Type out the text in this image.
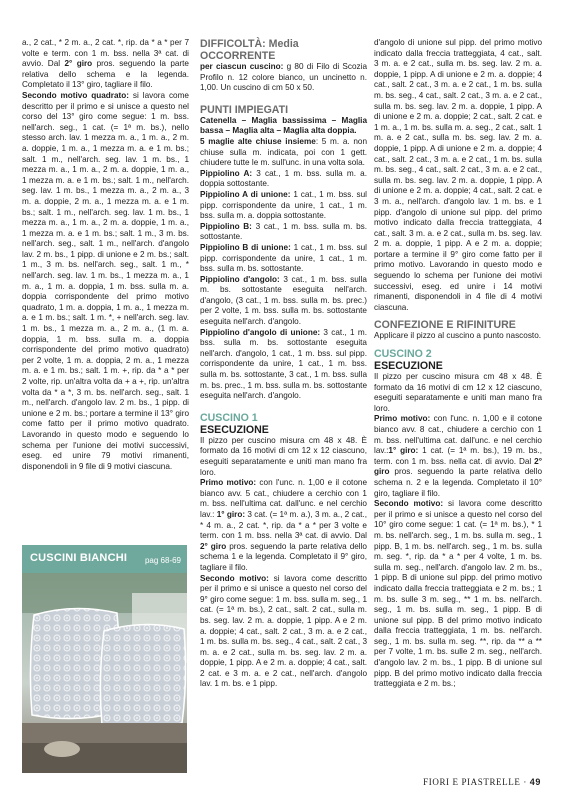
a., 2 cat., * 2 m. a., 2 cat. *, rip. da * a * per 7 volte e term. con 1 m. bss. nella 3ª cat. di avvio. Dal 2° giro pros. seguendo la parte relativa dello schema e la legenda. Completato il 13° giro, tagliare il filo.

Secondo motivo quadrato: si lavora come descritto per il primo e si unisce a questo nel corso del 13° giro come segue: 1 m. bss. nell'arch. seg., 1 cat. (= 1ª m. bs.), nello stesso arch. lav. 1 mezza m. a., 1 m. a., 2 m. a. doppie, 1 m. a., 1 mezza m. a. e 1 m. bs.; salt. 1 m., nell'arch. seg. lav. 1 m. bs., 1 mezza m. a., 1 m. a., 2 m. a. doppie, 1 m. a., 1 mezza m. a. e 1 m. bs.; salt. 1 m., nell'arch. seg. lav. 1 m. bs., 1 mezza m. a., 2 m. a., 3 m. a. doppie, 2 m. a., 1 mezza m. a. e 1 m. bs.; salt. 1 m., nell'arch. seg. lav. 1 m. bs., 1 mezza m. a., 1 m. a., 2 m. a. doppie, 1 m. a., 1 mezza m. a. e 1 m. bs.; salt. 1 m., 3 m. bs. nell'arch. seg., salt. 1 m., nell'arch. d'angolo lav. 2 m. bs., 1 pipp. di unione e 2 m. bs.; salt. 1 m., 3 m. bs. nell'arch. seg., salt. 1 m., * nell'arch. seg. lav. 1 m. bs., 1 mezza m. a., 1 m. a., 1 m. a. doppia, 1 m. bss. sulla m. a. doppia corrispondente del primo motivo quadrato, 1 m. a. doppia, 1 m. a., 1 mezza m. a. e 1 m. bs.; salt. 1 m. *, + nell'arch. seg. lav. 1 m. bs., 1 mezza m. a., 2 m. a., (1 m. a. doppia, 1 m. bss. sulla m. a. doppia corrispondente del primo motivo quadrato) per 2 volte, 1 m. a. doppia, 2 m. a., 1 mezza m. a. e 1 m. bs.; salt. 1 m. +, rip. da * a * per 2 volte, rip. un'altra volta da + a +, rip. un'altra volta da * a *, 3 m. bs. nell'arch. seg., salt. 1 m., nell'arch. d'angolo lav. 2 m. bs., 1 pipp. di unione e 2 m. bs.; portare a termine il 13° giro come fatto per il primo motivo quadrato. Lavorando in questo modo e seguendo lo schema per l'unione dei motivi successivi, eseg. ed unire 79 motivi rimanenti, disponendoli in 9 file di 9 motivi ciascuna.

CUSCINI BIANCHI pag 68-69

DIFFICOLTÀ: Media

OCCORRENTE

per ciascun cuscino: g 80 di Filo di Scozia Profilo n. 12 colore bianco, un uncinetto n. 1,00. Un cuscino di cm 50 x 50.

PUNTI IMPIEGATI

Catenella – Maglia bassissima – Maglia bassa – Maglia alta – Maglia alta doppia.

5 maglie alte chiuse insieme: 5 m. a. non chiuse sulla m. indicata, poi con 1 gett. chiudere tutte le m. sull'unc. in una volta sola.

Pippiolino A: 3 cat., 1 m. bss. sulla m. a. doppia sottostante.

Pippiolino A di unione: 1 cat., 1 m. bss. sul pipp. corrispondente da unire, 1 cat., 1 m. bss. sulla m. a. doppia sottostante.

Pippiolino B: 3 cat., 1 m. bss. sulla m. bs. sottostante.

Pippiolino B di unione: 1 cat., 1 m. bss. sul pipp. corrispondente da unire, 1 cat., 1 m. bss. sulla m. bs. sottostante.

Pippiolino d'angolo: 3 cat., 1 m. bss. sulla m. bs. sottostante eseguita nell'arch. d'angolo, (3 cat., 1 m. bss. sulla m. bs. prec.) per 2 volte, 1 m. bss. sulla m. bs. sottostante eseguita nell'arch. d'angolo.

Pippiolino d'angolo di unione: 3 cat., 1 m. bss. sulla m. bs. sottostante eseguita nell'arch. d'angolo, 1 cat., 1 m. bss. sul pipp. corrispondente da unire, 1 cat., 1 m. bss. sulla m. bs. sottostante, 3 cat., 1 m. bss. sulla m. bs. prec., 1 m. bss. sulla m. bs. sottostante eseguita nell'arch. d'angolo.

CUSCINO 1

ESECUZIONE

Il pizzo per cuscino misura cm 48 x 48. È formato da 16 motivi di cm 12 x 12 ciascuno, eseguiti separatamente e uniti man mano fra loro.

Primo motivo: con l'unc. n. 1,00 e il cotone bianco avv. 5 cat., chiudere a cerchio con 1 m. bss. nell'ultima cat. dall'unc. e nel cerchio lav.: 1° giro: 3 cat. (= 1ª m. a.), 3 m. a., 2 cat., * 4 m. a., 2 cat. *, rip. da * a * per 3 volte e term. con 1 m. bss. nella 3ª cat. di avvio. Dal 2° giro pros. seguendo la parte relativa dello schema 1 e la legenda. Completato il 9° giro, tagliare il filo.

Secondo motivo: si lavora come descritto per il primo e si unisce a questo nel corso del 9° giro come segue: 1 m. bss. sulla m. seg., 1 cat. (= 1ª m. bs.), 2 cat., salt. 2 cat., sulla m. bs. seg. lav. 2 m. a. doppie, 1 pipp. A e 2 m. a. doppie; 4 cat., salt. 2 cat., 3 m. a. e 2 cat., 1 m. bs. sulla m. bs. seg., 4 cat., salt. 2 cat., 3 m. a. e 2 cat., sulla m. bs. seg. lav. 2 m. a. doppie, 1 pipp. A e 2 m. a. doppie; 4 cat., salt. 2 cat. e 3 m. a. e 2 cat., nell'arch. d'angolo lav. 1 m. bs. e 1 pipp.

d'angolo di unione sul pipp. del primo motivo indicato dalla freccia tratteggiata, 4 cat., salt. 3 m. a. e 2 cat., sulla m. bs. seg. lav. 2 m. a. doppie, 1 pipp. A di unione e 2 m. a. doppie; 4 cat., salt. 2 cat., 3 m. a. e 2 cat., 1 m. bs. sulla m. bs. seg., 4 cat., salt. 2 cat., 3 m. a. e 2 cat., sulla m. bs. seg. lav. 2 m. a. doppie, 1 pipp. A di unione e 2 m. a. doppie; 2 cat., salt. 2 cat. e 1 m. a., 1 m. bs. sulla m. a. seg., 2 cat., salt. 1 m. a. e 2 cat., sulla m. bs. seg. lav. 2 m. a. doppie, 1 pipp. A di unione e 2 m. a. doppie; 4 cat., salt. 2 cat., 3 m. a. e 2 cat., 1 m. bs. sulla m. bs. seg., 4 cat., salt. 2 cat., 3 m. a. e 2 cat., sulla m. bs. seg. lav. 2 m. a. doppie, 1 pipp. A di unione e 2 m. a. doppie; 4 cat., salt. 2 cat. e 3 m. a., nell'arch. d'angolo lav. 1 m. bs. e 1 pipp. d'angolo di unione sul pipp. del primo motivo indicato dalla freccia tratteggiata, 4 cat., salt. 3 m. a. e 2 cat., sulla m. bs. seg. lav. 2 m. a. doppie, 1 pipp. A e 2 m. a. doppie; portare a termine il 9° giro come fatto per il primo motivo. Lavorando in questo modo e seguendo lo schema per l'unione dei motivi successivi, eseg. ed unire i 14 motivi rimanenti, disponendoli in 4 file di 4 motivi ciascuna.

CONFEZIONE E RIFINITURE

Applicare il pizzo al cuscino a punto nascosto.

CUSCINO 2

ESECUZIONE

Il pizzo per cuscino misura cm 48 x 48. È formato da 16 motivi di cm 12 x 12 ciascuno, eseguiti separatamente e uniti man mano fra loro.

Primo motivo: con l'unc. n. 1,00 e il cotone bianco avv. 8 cat., chiudere a cerchio con 1 m. bss. nell'ultima cat. dall'unc. e nel cerchio lav.:1° giro: 1 cat. (= 1ª m. bs.), 19 m. bs., term. con 1 m. bss. nella cat. di avvio. Dal 2° giro pros. seguendo la parte relativa dello schema n. 2 e la legenda. Completato il 10° giro, tagliare il filo.

Secondo motivo: si lavora come descritto per il primo e si unisce a questo nel corso del 10° giro come segue: 1 cat. (= 1ª m. bs.), * 1 m. bs. nell'arch. seg., 1 m. bs. sulla m. seg., 1 pipp. B, 1 m. bs. nell'arch. seg., 1 m. bs. sulla m. seg. *, rip. da * a * per 4 volte, 1 m. bs. sulla m. seg., nell'arch. d'angolo lav. 2 m. bs., 1 pipp. B di unione sul pipp. del primo motivo indicato dalla freccia tratteggiata e 2 m. bs.; 1 m. bs. sulle 3 m. seg., ** 1 m. bs. nell'arch. seg., 1 m. bs. sulla m. seg., 1 pipp. B di unione sul pipp. B del primo motivo indicato dalla freccia tratteggiata, 1 m. bs. nell'arch. seg., 1 m. bs. sulla m. seg. **, rip. da ** a ** per 7 volte, 1 m. bs. sulle 2 m. seg., nell'arch. d'angolo lav. 2 m. bs., 1 pipp. B di unione sul pipp. B del primo motivo indicato dalla freccia tratteggiata e 2 m. bs.;

FIORI E PIASTRELLE · 49
